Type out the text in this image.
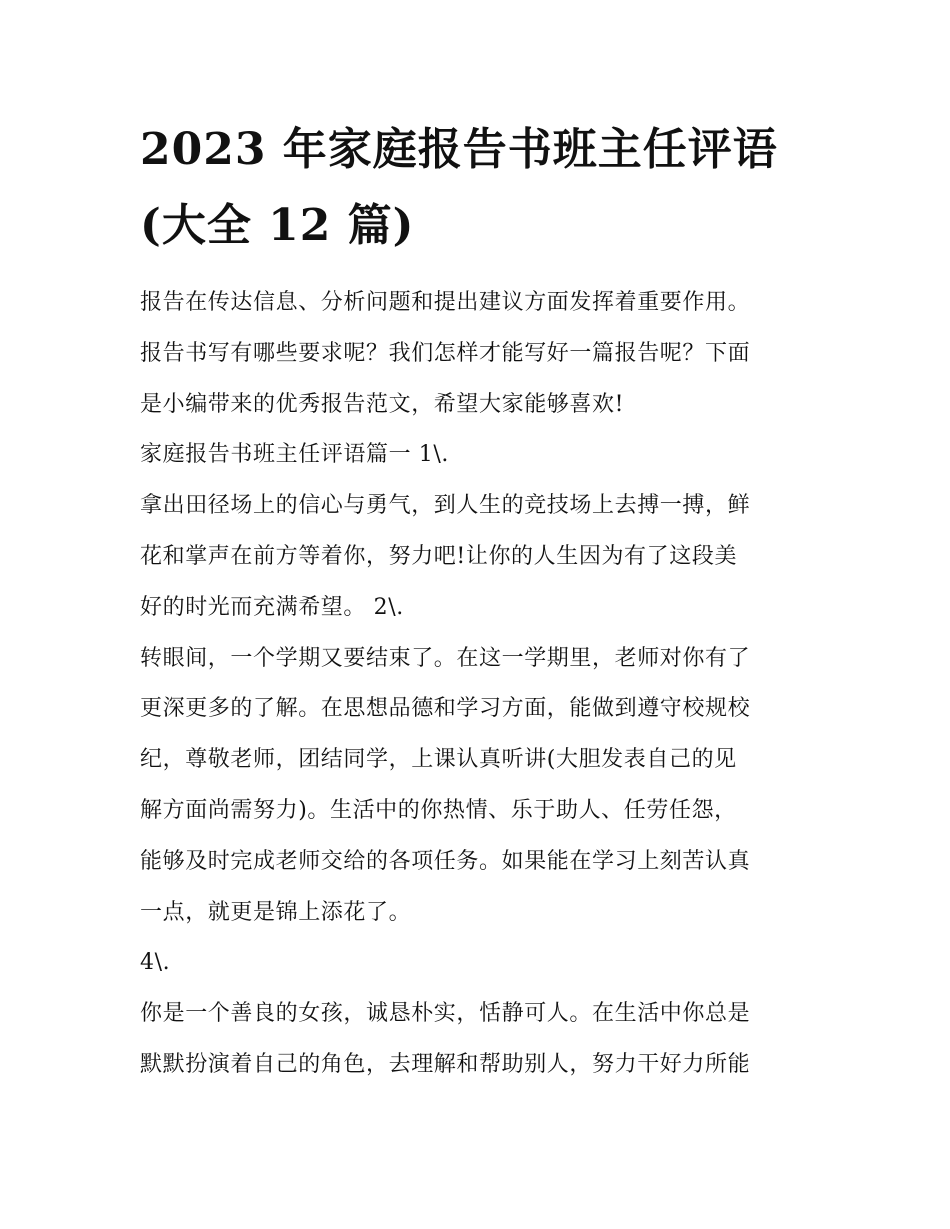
2023 年家庭报告书班主任评语
(大全 12 篇)
报告在传达信息、分析问题和提出建议方面发挥着重要作用。
报告书写有哪些要求呢？我们怎样才能写好一篇报告呢？下面
是小编带来的优秀报告范文，希望大家能够喜欢!
家庭报告书班主任评语篇一 1\.
拿出田径场上的信心与勇气，到人生的竞技场上去搏一搏，鲜
花和掌声在前方等着你，努力吧!让你的人生因为有了这段美
好的时光而充满希望。 2\.
转眼间，一个学期又要结束了。在这一学期里，老师对你有了
更深更多的了解。在思想品德和学习方面，能做到遵守校规校
纪，尊敬老师，团结同学，上课认真听讲(大胆发表自己的见
解方面尚需努力)。生活中的你热情、乐于助人、任劳任怨，
能够及时完成老师交给的各项任务。如果能在学习上刻苦认真
一点，就更是锦上添花了。
4\.
你是一个善良的女孩，诚恳朴实，恬静可人。在生活中你总是
默默扮演着自己的角色，去理解和帮助别人，努力干好力所能
